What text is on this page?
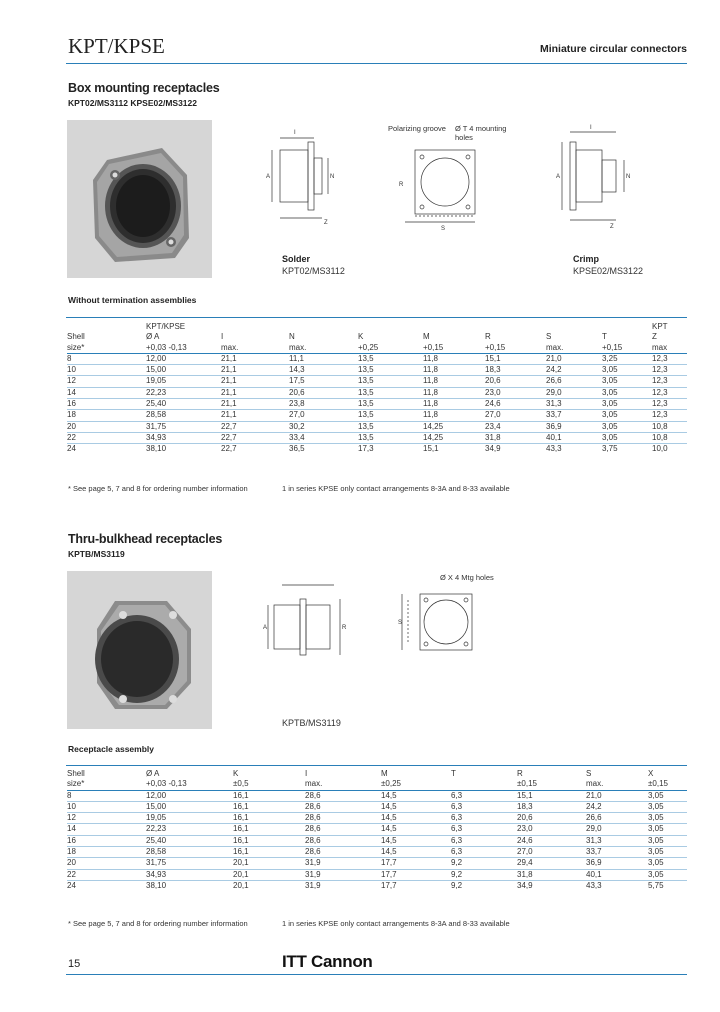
KPT/KPSE	Miniature circular connectors
Box mounting receptacles
KPT02/MS3112 KPSE02/MS3122
A	N
I
Z
Polarizing groove	Ø T 4 mounting holes
R
S
A	N
I
Z
Solder
KPT02/MS3112
Crimp
KPSE02/MS3122
Without termination assemblies
	KPT/KPSE								KPT
Shell	Ø A	I	N	K	M	R	S	T	Z
size*	+0,03 -0,13	max.	max.	+0,25	+0,15	+0,15	max.	+0,15	max
8	12,00	21,1	11,1	13,5	11,8	15,1	21,0	3,25	12,3
10	15,00	21,1	14,3	13,5	11,8	18,3	24,2	3,05	12,3
12	19,05	21,1	17,5	13,5	11,8	20,6	26,6	3,05	12,3
14	22,23	21,1	20,6	13,5	11,8	23,0	29,0	3,05	12,3
16	25,40	21,1	23,8	13,5	11,8	24,6	31,3	3,05	12,3
18	28,58	21,1	27,0	13,5	11,8	27,0	33,7	3,05	12,3
20	31,75	22,7	30,2	13,5	14,25	23,4	36,9	3,05	10,8
22	34,93	22,7	33,4	13,5	14,25	31,8	40,1	3,05	10,8
24	38,10	22,7	36,5	17,3	15,1	34,9	43,3	3,75	10,0
* See page 5, 7 and 8 for ordering number information	1 in series KPSE only contact arrangements 8-3A and 8-33 available
Thru-bulkhead receptacles
KPTB/MS3119
A	R
Ø X 4 Mtg holes
S
KPTB/MS3119
Receptacle assembly
Shell	Ø A	K	I	M	T	R	S	X
size*	+0,03 -0,13	±0,5	max.	±0,25		±0,15	max.	±0,15
8	12,00	16,1	28,6	14,5	6,3	15,1	21,0	3,05
10	15,00	16,1	28,6	14,5	6,3	18,3	24,2	3,05
12	19,05	16,1	28,6	14,5	6,3	20,6	26,6	3,05
14	22,23	16,1	28,6	14,5	6,3	23,0	29,0	3,05
16	25,40	16,1	28,6	14,5	6,3	24,6	31,3	3,05
18	28,58	16,1	28,6	14,5	6,3	27,0	33,7	3,05
20	31,75	20,1	31,9	17,7	9,2	29,4	36,9	3,05
22	34,93	20,1	31,9	17,7	9,2	31,8	40,1	3,05
24	38,10	20,1	31,9	17,7	9,2	34,9	43,3	5,75
* See page 5, 7 and 8 for ordering number information	1 in series KPSE only contact arrangements 8-3A and 8-33 available
15	ITT Cannon
